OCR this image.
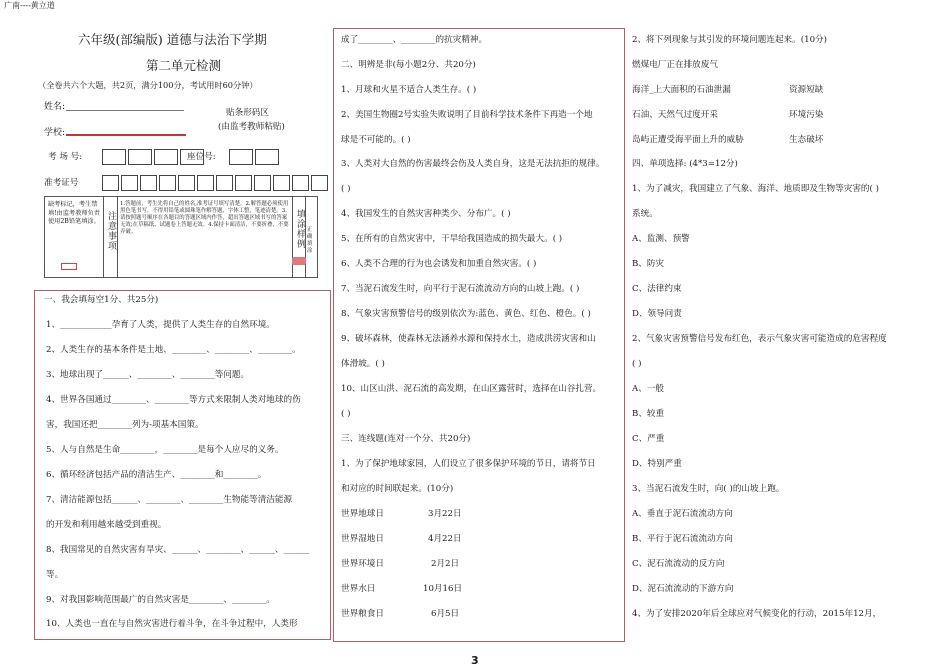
广南----黄立道
六年级(部编版) 道德与法治下学期
第二单元检测
（全卷共六个大题，共2页，满分100分，考试用时60分钟）
姓名:
学校:
贴条形码区
(由监考教师粘贴)
考 场 号:	座位号:
准考证号
缺考标记，考生禁填!由监考教师负责使用2B铅笔填涂。 注意事项
1.答题前，考生先将自己的姓名,准考证号填写清楚。2.解答题必须使用黑色笔书写，不得用铅笔或圆珠笔作解答题，字体工整，笔迹清楚。3.请按照题号顺序在各题目的答题区域内作答，超出答题区域书写的答案无效;在草稿纸、试题卷上答题无效。4.保持卡面清洁，不要折叠，不要弄破。	填涂样例 正确填涂
一、我会填每空1分、共25分)
1、____________孕育了人类，提供了人类生存的自然环境。
2、人类生存的基本条件是土地、________、________、________。
3、地球出现了______、________、________等问题。
4、世界各国通过________、________等方式来限制人类对地球的伤
害，我国还把________列为-项基本国策。
5、人与自然是生命________，________是每个人应尽的义务。
6、循环经济包括产品的清洁生产、________和________。
7、清洁能源包括______、________、________生物能等清洁能源
的开发和利用越来越受到重视。
8、我国常见的自然灾害有旱灾、______、________、______、______
等。
9、对我国影响范围最广的自然灾害是________、________。
10、人类也一直在与自然灾害进行着斗争，在斗争过程中，人类形
成了________、________的抗灾精神。
二、明辨是非(每小题2分、共20分)
1、月球和火星不适合人类生存。( )
2、美国生物圈2号实验失败说明了目前科学技术条件下再造一个地
球是不可能的。( )
3、人类对大自然的伤害最终会伤及人类自身，这是无法抗拒的规律。
( )
4、我国发生的自然灾害种类少、分布广。( )
5、在所有的自然灾害中，干旱给我国造成的损失最大。( )
6、人类不合理的行为也会诱发和加重自然灾害。( )
7、当泥石流发生时，向平行于泥石流流动方向的山坡上跑。( )
8、气象灾害预警信号的级别依次为:蓝色、黄色、红色、橙色。( )
9、破坏森林，使森林无法涵养水源和保持水土，造成洪涝灾害和山
体滑坡。( )
10、山区山洪、泥石流的高发期，在山区露营时，选择在山谷扎营。
( )
三、连线题(连对一个分、共20分)
1、为了保护地球家园，人们设立了很多保护环境的节日，请将节日
和对应的时间联起来。(10分)
世界地球日	3月22日
世界湿地日	4月22日
世界环境日	2月2日
世界水日	10月16日
世界粮食日	6月5日
2、将下列现象与其引发的环境问题连起来。(10分)
燃煤电厂正在排放废气
海洋_上大面积的石油泄漏	资源短缺
石油、天然气过度开采	环境污染
岛屿正遭受海平面上升的威胁	生态破坏
四、单项选择: (4*3=12分)
1、为了减灾，我国建立了气象、海洋、地质即及生物等灾害的( )
系统。
A、监测、预警
B、防灾
C、法律约束
D、领导问责
2、气象灾害预警信号发布红色，表示气象灾害可能造成的危害程度
( )
A、一般
B、较重
C、严重
D、特别严重
3、当泥石流发生时，向( )的山坡上跑。
A、垂直于泥石流流动方向
B、平行于泥石流流动方向
C、泥石流流动的反方向
D、泥石流流动的下游方向
4、为了安排2020年后全球应对气候变化的行动，2015年12月，
3
